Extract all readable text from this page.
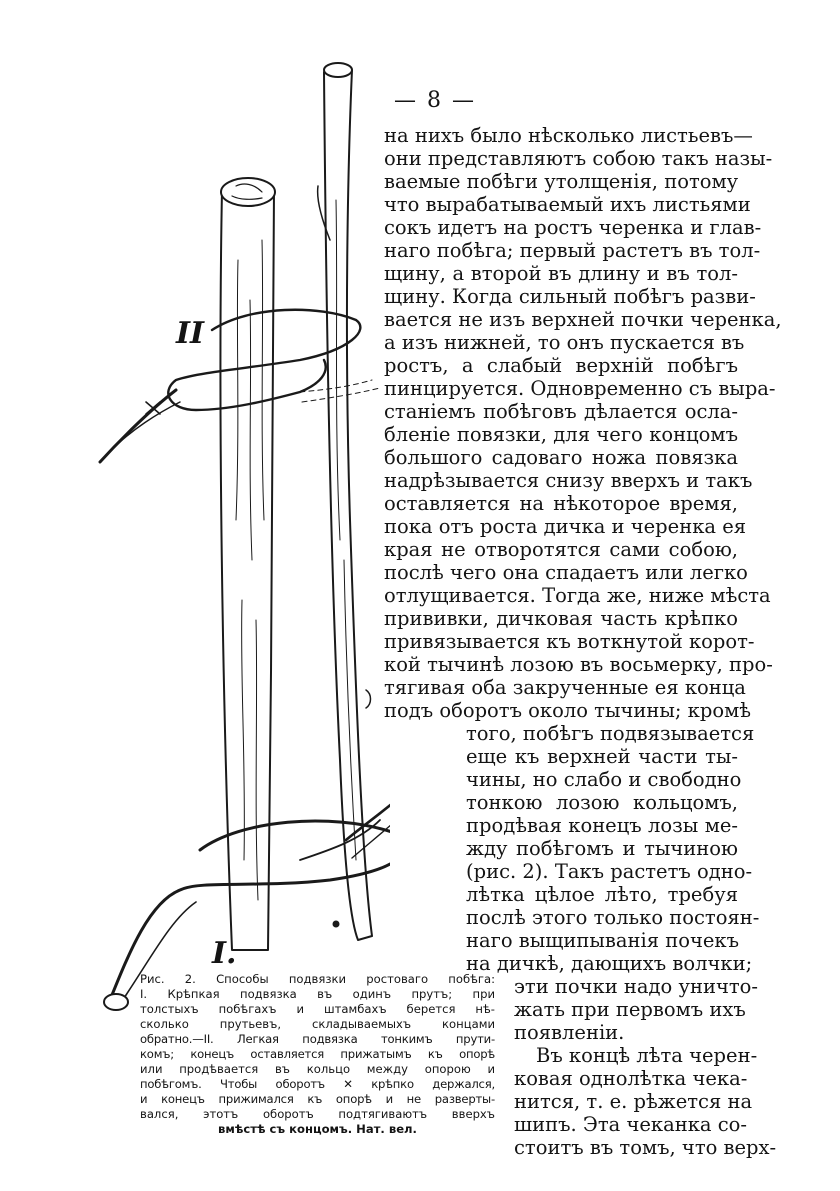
— 8 —
II
I.
Рис. 2. Способы подвязки ростоваго побѣга:
I. Крѣпкая подвязка въ одинъ прутъ; при
толстыхъ побѣгахъ и штамбахъ берется нѣ-
сколько прутьевъ, складываемыхъ концами
обратно.—II. Легкая подвязка тонкимъ прути-
комъ; конецъ оставляется прижатымъ къ опорѣ
или продѣвается въ кольцо между опорою и
побѣгомъ. Чтобы оборотъ ✕ крѣпко держался,
и конецъ прижимался къ опорѣ и не разверты-
вался, этотъ оборотъ подтягиваютъ вверхъ
вмѣстѣ съ концомъ. Нат. вел.
на нихъ было нѣсколько листьевъ—
они представляютъ собою такъ назы-
ваемые побѣги утолщенія, потому
что вырабатываемый ихъ листьями
сокъ идетъ на ростъ черенка и глав-
наго побѣга; первый растетъ въ тол-
щину, а второй въ длину и въ тол-
щину. Когда сильный побѣгъ разви-
вается не изъ верхней почки черенка,
а изъ нижней, то онъ пускается въ
ростъ, а слабый верхній побѣгъ
пинцируется. Одновременно съ выра-
станіемъ побѣговъ дѣлается осла-
бленіе повязки, для чего концомъ
большого садоваго ножа повязка
надрѣзывается снизу вверхъ и такъ
оставляется на нѣкоторое время,
пока отъ роста дичка и черенка ея
края не отворотятся сами собою,
послѣ чего она спадаетъ или легко
отлущивается. Тогда же, ниже мѣста
прививки, дичковая часть крѣпко
привязывается къ воткнутой корот-
кой тычинѣ лозою въ восьмерку, про-
тягивая оба закрученные ея конца
подъ оборотъ около тычины; кромѣ
того, побѣгъ подвязывается
еще къ верхней части ты-
чины, но слабо и свободно
тонкою лозою кольцомъ,
продѣвая конецъ лозы ме-
жду побѣгомъ и тычиною
(рис. 2). Такъ растетъ одно-
лѣтка цѣлое лѣто, требуя
послѣ этого только постоян-
наго выщипыванія почекъ
на дичкѣ, дающихъ волчки;
эти почки надо уничто-
жать при первомъ ихъ
появленіи.
Въ концѣ лѣта черен-
ковая однолѣтка чека-
нится, т. е. рѣжется на
шипъ. Эта чеканка со-
стоитъ въ томъ, что верх-
